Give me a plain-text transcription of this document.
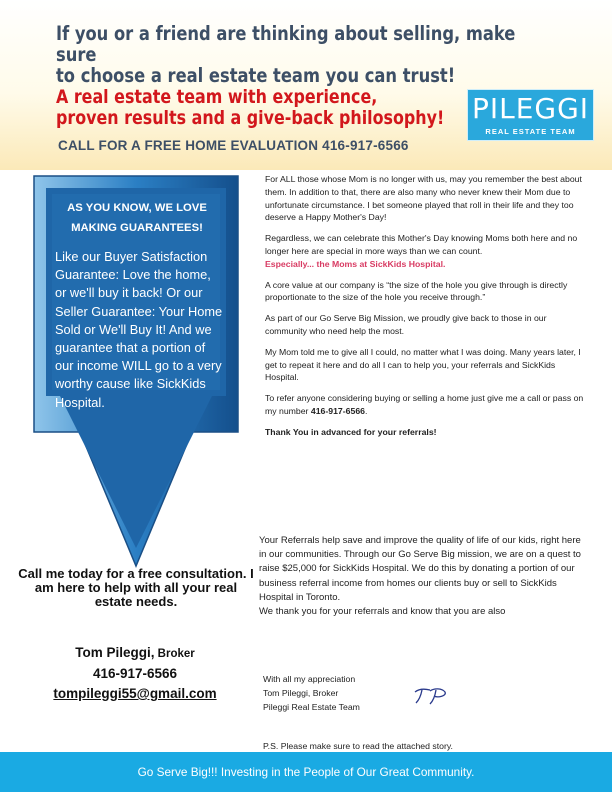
If you or a friend are thinking about selling, make sure
to choose a real estate team you can trust!
A real estate team with experience,
proven results and a give-back philosophy!
CALL FOR A FREE HOME EVALUATION 416-917-6566
PILEGGI
REAL ESTATE TEAM
AS YOU KNOW, WE LOVE
MAKING GUARANTEES!
Like our Buyer Satisfaction Guarantee: Love the home, or we'll buy it back! Or our Seller Guarantee: Your Home Sold or We'll Buy It! And we guarantee that a portion of our income WILL go to a very worthy cause like SickKids Hospital.
Call me today for a free consultation. I am here to help with all your real estate needs.
Tom Pileggi, Broker
416-917-6566
tompileggi55@gmail.com

For ALL those whose Mom is no longer with us, may you remember the best about them. In addition to that, there are also many who never knew their Mom due to unfortunate circumstance. I bet someone played that roll in their life and they too deserve a Happy Mother's Day!

Regardless, we can celebrate this Mother's Day knowing Moms both here and no longer here are special in more ways than we can count.
Especially... the Moms at SickKids Hospital.

A core value at our company is “the size of the hole you give through is directly proportionate to the size of the hole you receive through.”

As part of our Go Serve Big Mission, we proudly give back to those in our community who need help the most.

My Mom told me to give all I could, no matter what I was doing. Many years later, I get to repeat it here and do all I can to help you, your referrals and SickKids Hospital.

To refer anyone considering buying or selling a home just give me a call or pass on my number 416-917-6566.

Thank You in advanced for your referrals!

Your Referrals help save and improve the quality of life of our kids, right here in our communities. Through our Go Serve Big mission, we are on a quest to raise $25,000 for SickKids Hospital. We do this by donating a portion of our business referral income from homes our clients buy or sell to SickKids Hospital in Toronto.
We thank you for your referrals and know that you are also
With all my appreciation
Tom Pileggi, Broker
Pileggi Real Estate Team
P.S. Please make sure to read the attached story.
Go Serve Big!!! Investing in the People of Our Great Community.
